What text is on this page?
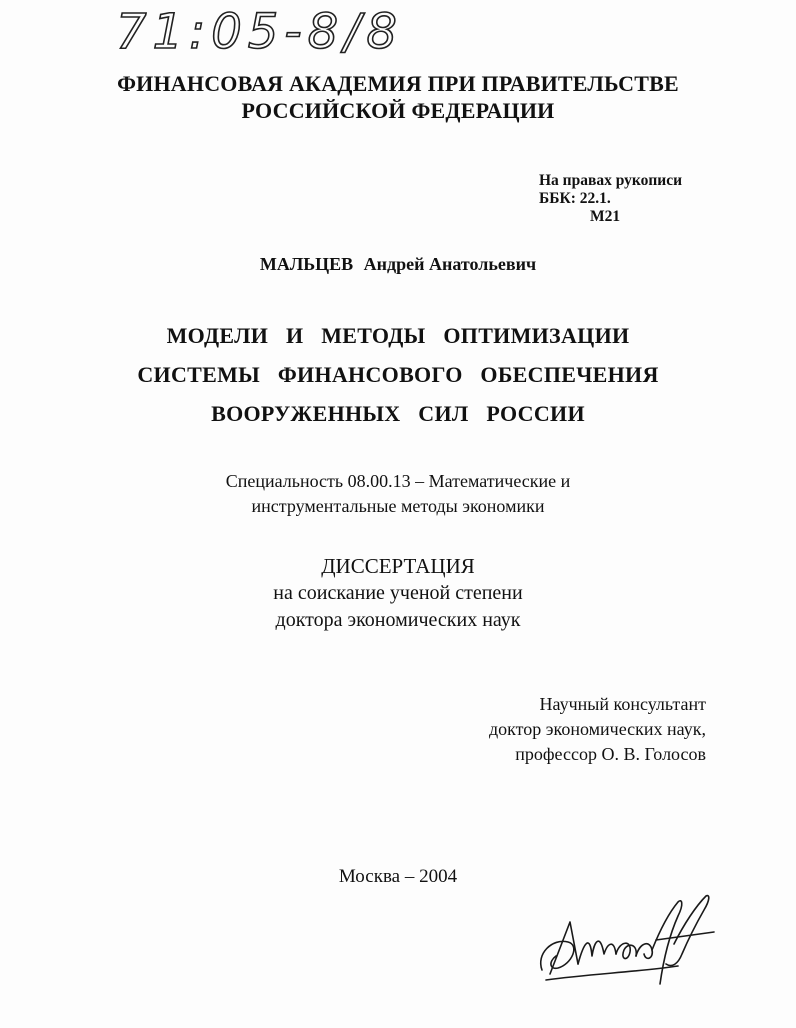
71:05-8/8
ФИНАНСОВАЯ АКАДЕМИЯ ПРИ ПРАВИТЕЛЬСТВЕ
РОССИЙСКОЙ ФЕДЕРАЦИИ
На правах рукописи
ББК: 22.1.
М21
МАЛЬЦЕВ Андрей Анатольевич
МОДЕЛИ И МЕТОДЫ ОПТИМИЗАЦИИ
СИСТЕМЫ ФИНАНСОВОГО ОБЕСПЕЧЕНИЯ
ВООРУЖЕННЫХ СИЛ РОССИИ
Специальность 08.00.13 – Математические и
инструментальные методы экономики
ДИССЕРТАЦИЯ
на соискание ученой степени
доктора экономических наук
Научный консультант
доктор экономических наук,
профессор О. В. Голосов
Москва – 2004
